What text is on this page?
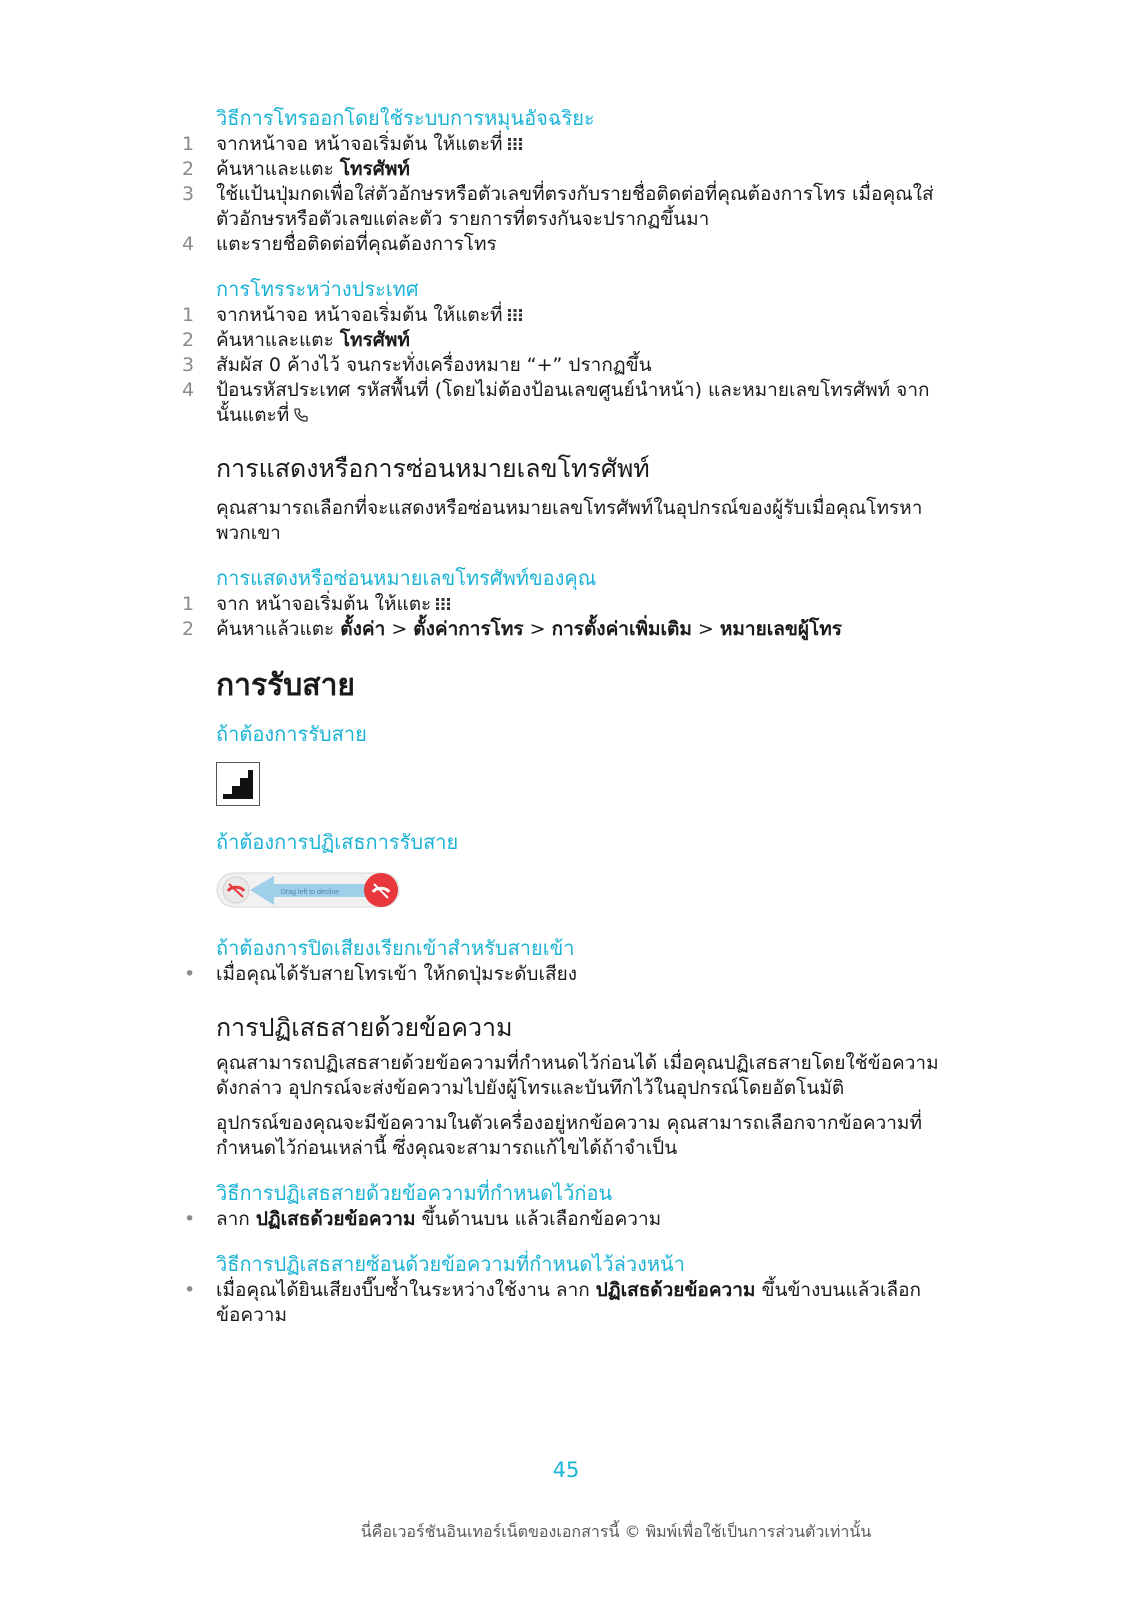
วิธีการโทรออกโดยใช้ระบบการหมุนอัจฉริยะ

1	จากหน้าจอ หน้าจอเริ่มต้น ให้แตะที่
2	ค้นหาและแตะ โทรศัพท์
3	ใช้แป้นปุ่มกดเพื่อใส่ตัวอักษรหรือตัวเลขที่ตรงกับรายชื่อติดต่อที่คุณต้องการโทร เมื่อคุณใส่ตัวอักษรหรือตัวเลขแต่ละตัว รายการที่ตรงกันจะปรากฏขึ้นมา
4	แตะรายชื่อติดต่อที่คุณต้องการโทร

การโทรระหว่างประเทศ

1	จากหน้าจอ หน้าจอเริ่มต้น ให้แตะที่
2	ค้นหาและแตะ โทรศัพท์
3	สัมผัส 0 ค้างไว้ จนกระทั่งเครื่องหมาย “+” ปรากฏขึ้น
4	ป้อนรหัสประเทศ รหัสพื้นที่ (โดยไม่ต้องป้อนเลขศูนย์นำหน้า) และหมายเลขโทรศัพท์ จากนั้นแตะที่
การแสดงหรือการซ่อนหมายเลขโทรศัพท์

คุณสามารถเลือกที่จะแสดงหรือซ่อนหมายเลขโทรศัพท์ในอุปกรณ์ของผู้รับเมื่อคุณโทรหาพวกเขา

การแสดงหรือซ่อนหมายเลขโทรศัพท์ของคุณ

1	จาก หน้าจอเริ่มต้น ให้แตะ
2	ค้นหาแล้วแตะ ตั้งค่า > ตั้งค่าการโทร > การตั้งค่าเพิ่มเติม > หมายเลขผู้โทร
การรับสาย

ถ้าต้องการรับสาย

ถ้าต้องการปฏิเสธการรับสาย

Drag left to decline

ถ้าต้องการปิดเสียงเรียกเข้าสำหรับสายเข้า

•	เมื่อคุณได้รับสายโทรเข้า ให้กดปุ่มระดับเสียง
การปฏิเสธสายด้วยข้อความ

คุณสามารถปฏิเสธสายด้วยข้อความที่กำหนดไว้ก่อนได้ เมื่อคุณปฏิเสธสายโดยใช้ข้อความดังกล่าว อุปกรณ์จะส่งข้อความไปยังผู้โทรและบันทึกไว้ในอุปกรณ์โดยอัตโนมัติ

อุปกรณ์ของคุณจะมีข้อความในตัวเครื่องอยู่หกข้อความ คุณสามารถเลือกจากข้อความที่กำหนดไว้ก่อนเหล่านี้ ซึ่งคุณจะสามารถแก้ไขได้ถ้าจำเป็น

วิธีการปฏิเสธสายด้วยข้อความที่กำหนดไว้ก่อน

•	ลาก ปฏิเสธด้วยข้อความ ขึ้นด้านบน แล้วเลือกข้อความ

วิธีการปฏิเสธสายซ้อนด้วยข้อความที่กำหนดไว้ล่วงหน้า

•	เมื่อคุณได้ยินเสียงบี๊บซ้ำในระหว่างใช้งาน ลาก ปฏิเสธด้วยข้อความ ขึ้นข้างบนแล้วเลือกข้อความ
45
นี่คือเวอร์ชันอินเทอร์เน็ตของเอกสารนี้ © พิมพ์เพื่อใช้เป็นการส่วนตัวเท่านั้น
